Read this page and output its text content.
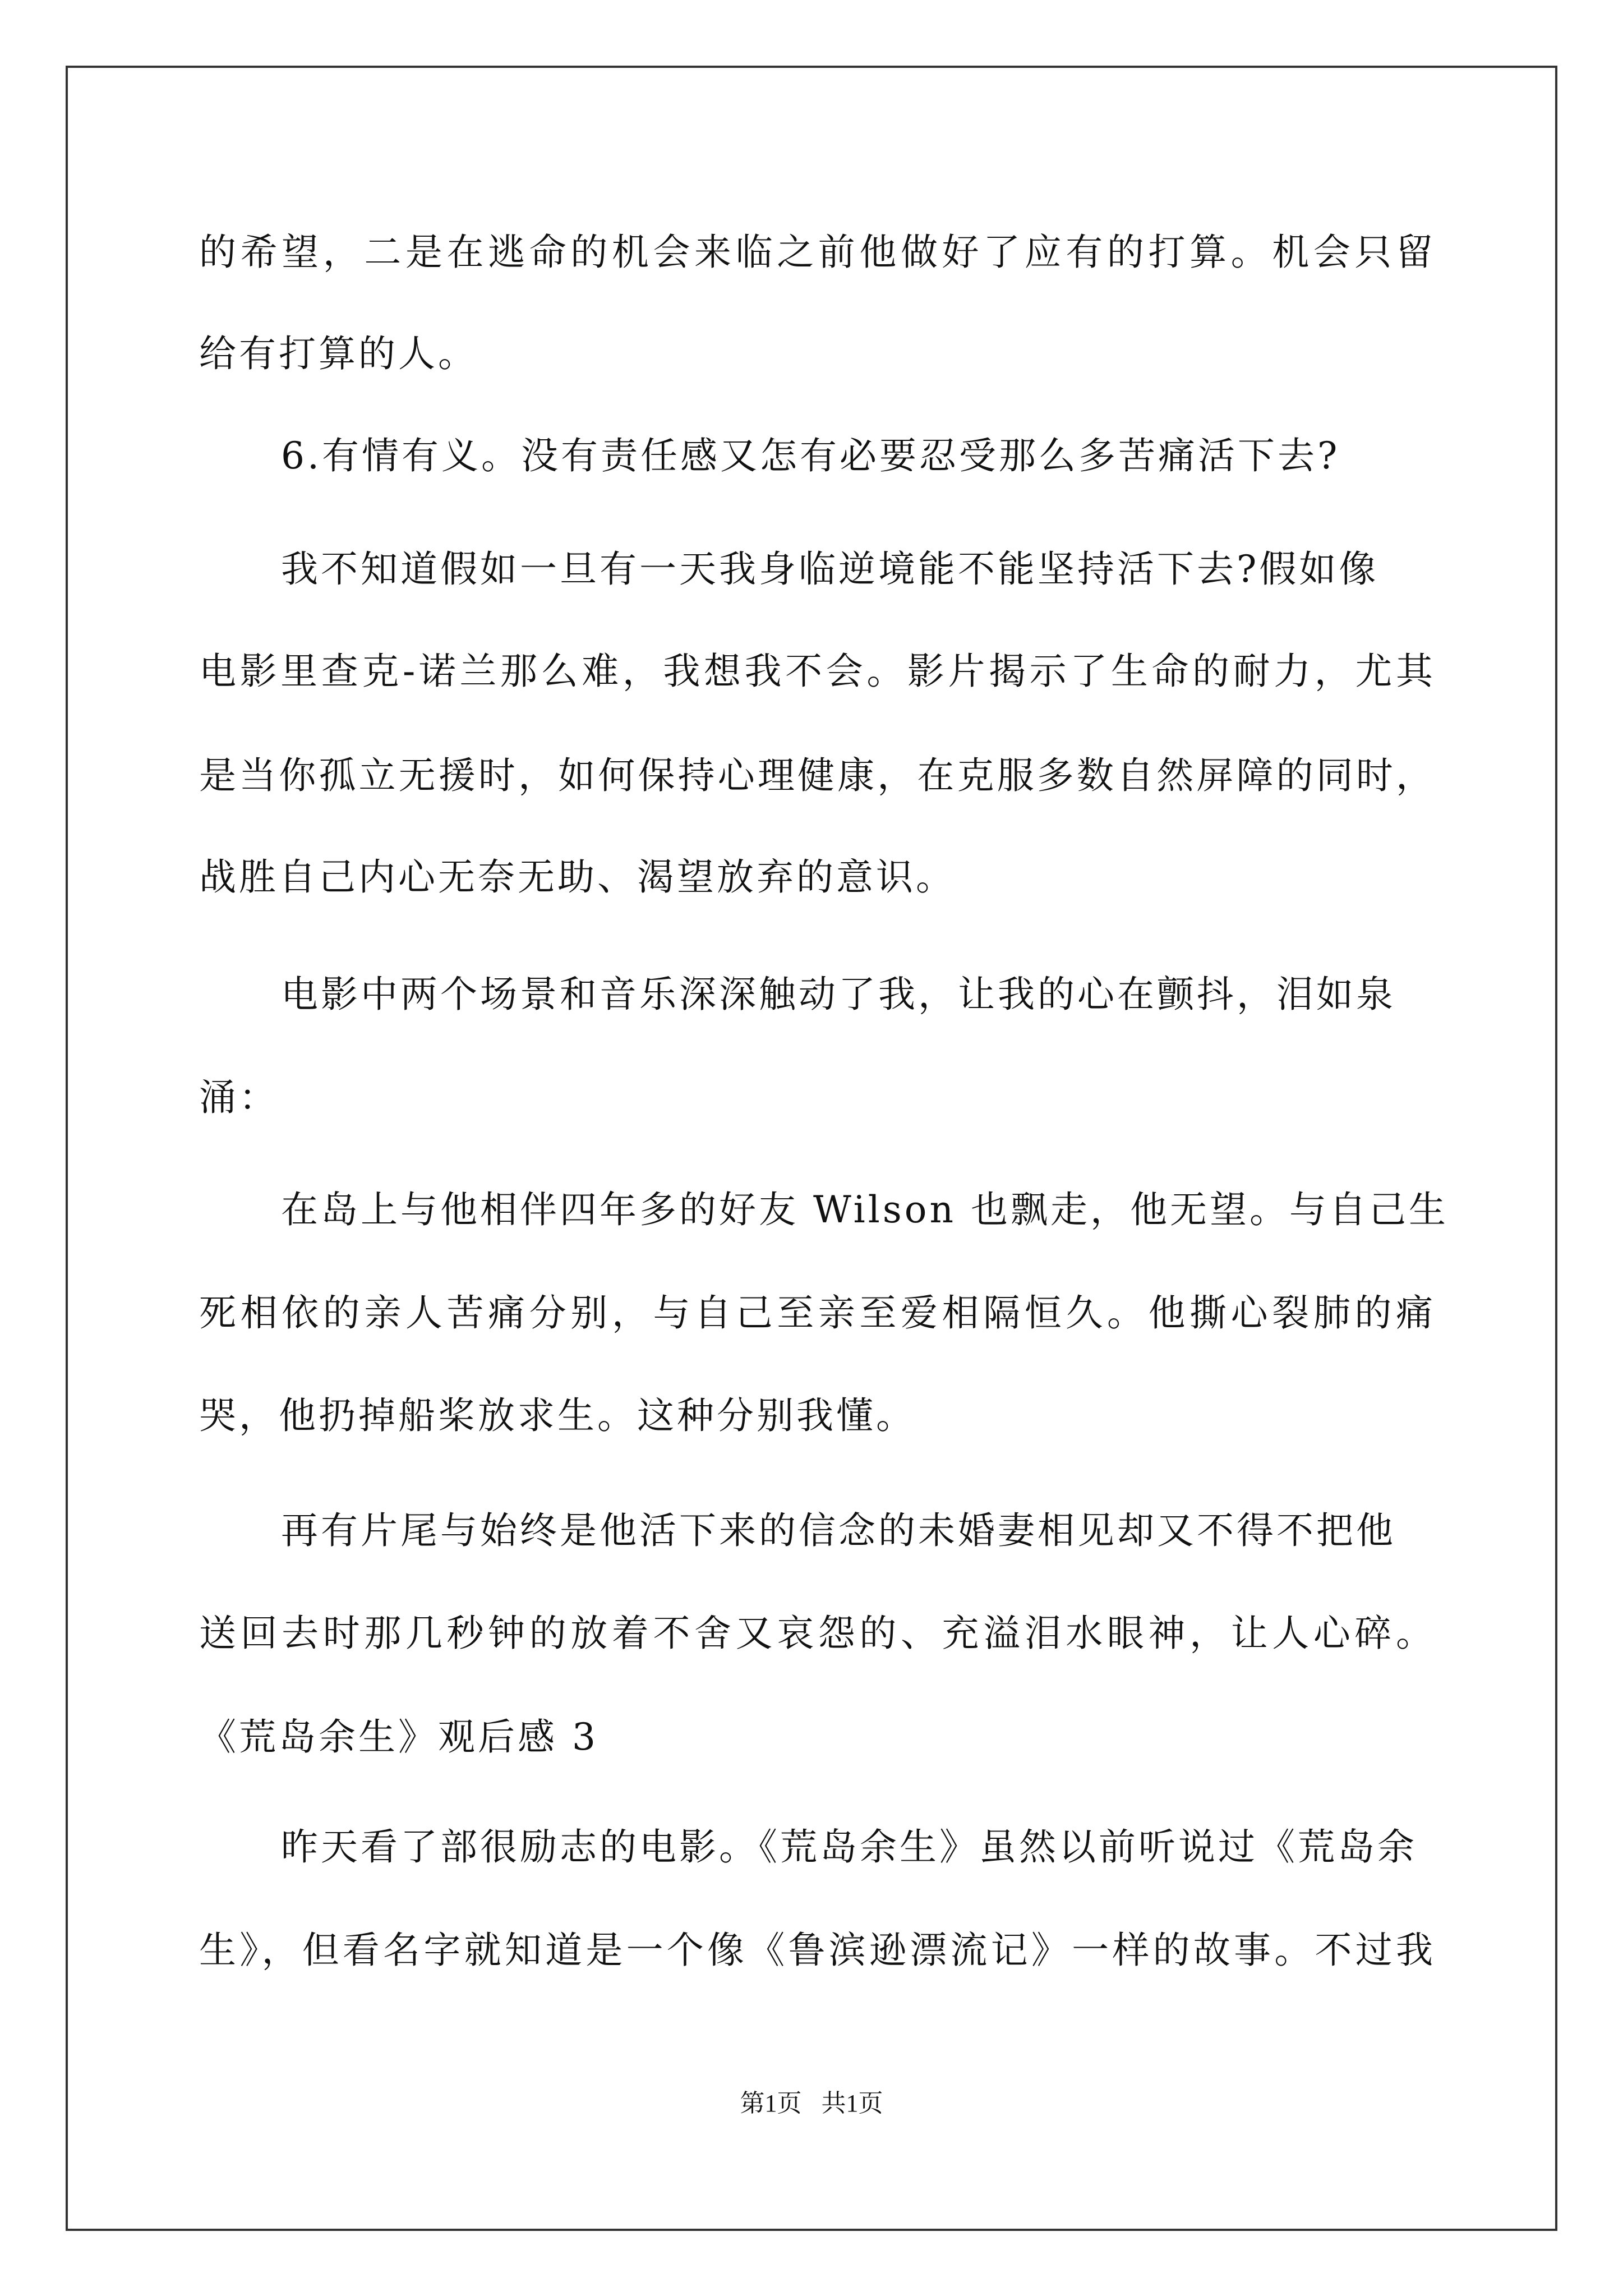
的希望，二是在逃命的机会来临之前他做好了应有的打算。机会只留
给有打算的人。
6.有情有义。没有责任感又怎有必要忍受那么多苦痛活下去?
我不知道假如一旦有一天我身临逆境能不能坚持活下去?假如像
电影里查克-诺兰那么难，我想我不会。影片揭示了生命的耐力，尤其
是当你孤立无援时，如何保持心理健康，在克服多数自然屏障的同时，
战胜自己内心无奈无助、渴望放弃的意识。
电影中两个场景和音乐深深触动了我，让我的心在颤抖，泪如泉
涌：
在岛上与他相伴四年多的好友 Wilson 也飘走，他无望。与自己生
死相依的亲人苦痛分别，与自己至亲至爱相隔恒久。他撕心裂肺的痛
哭，他扔掉船桨放求生。这种分别我懂。
再有片尾与始终是他活下来的信念的未婚妻相见却又不得不把他
送回去时那几秒钟的放着不舍又哀怨的、充溢泪水眼神，让人心碎。
《荒岛余生》观后感 3
昨天看了部很励志的电影。《荒岛余生》虽然以前听说过《荒岛余
生》，但看名字就知道是一个像《鲁滨逊漂流记》一样的故事。不过我
第1页 共1页
